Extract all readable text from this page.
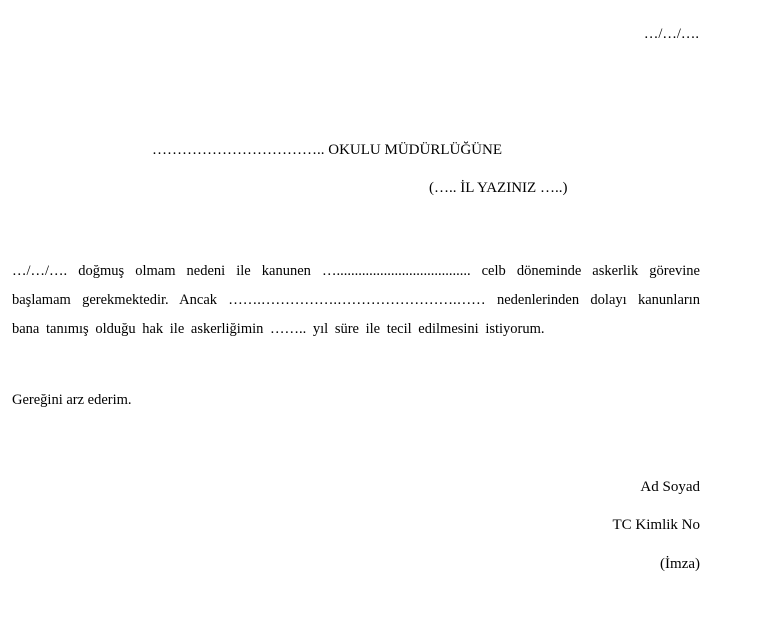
…/…/….
…………………………….. OKULU MÜDÜRLÜĞÜNE
(….. İL YAZINIZ …..)

…/…/…. doğmuş olmam nedeni ile kanunen …..................................... celb döneminde askerlik görevine başlamam gerekmektedir. Ancak …….…………….…………………….…… nedenlerinden dolayı kanunların bana tanımış olduğu hak ile askerliğimin …….. yıl süre ile tecil edilmesini istiyorum.

Gereğini arz ederim.
Ad Soyad
TC Kimlik No
(İmza)
